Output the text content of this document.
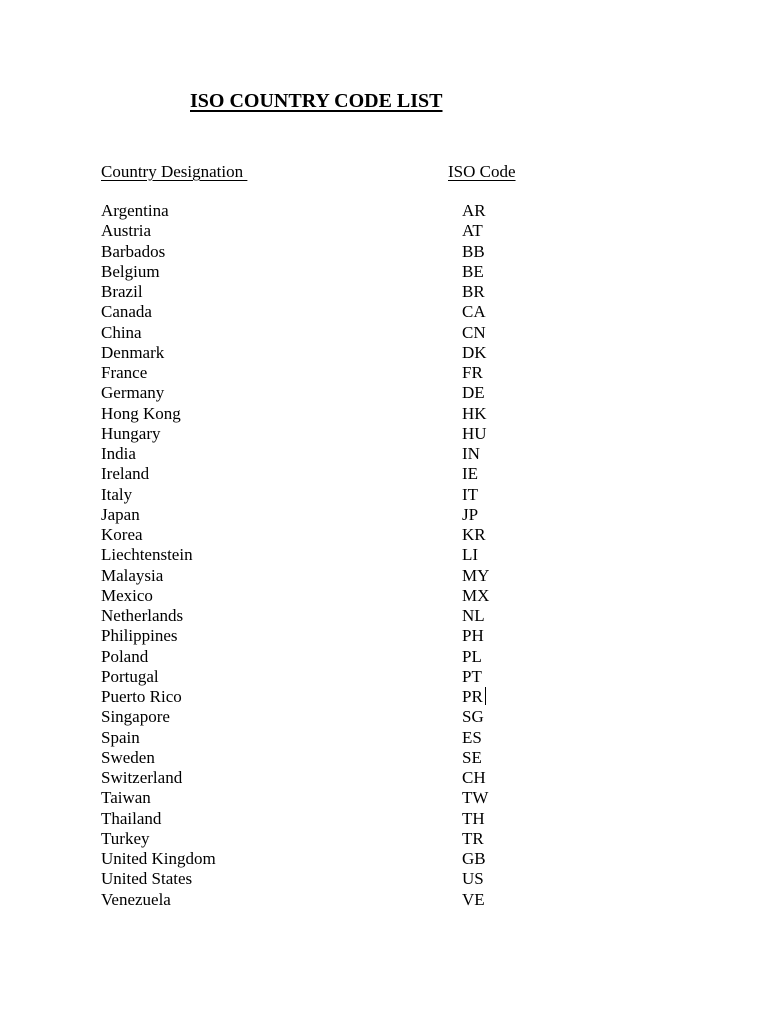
ISO COUNTRY CODE LIST
Country Designation	ISO Code
Argentina	AR
Austria	AT
Barbados	BB
Belgium	BE
Brazil	BR
Canada	CA
China	CN
Denmark	DK
France	FR
Germany	DE
Hong Kong	HK
Hungary	HU
India	IN
Ireland	IE
Italy	IT
Japan	JP
Korea	KR
Liechtenstein	LI
Malaysia	MY
Mexico	MX
Netherlands	NL
Philippines	PH
Poland	PL
Portugal	PT
Puerto Rico	PR
Singapore	SG
Spain	ES
Sweden	SE
Switzerland	CH
Taiwan	TW
Thailand	TH
Turkey	TR
United Kingdom	GB
United States	US
Venezuela	VE
